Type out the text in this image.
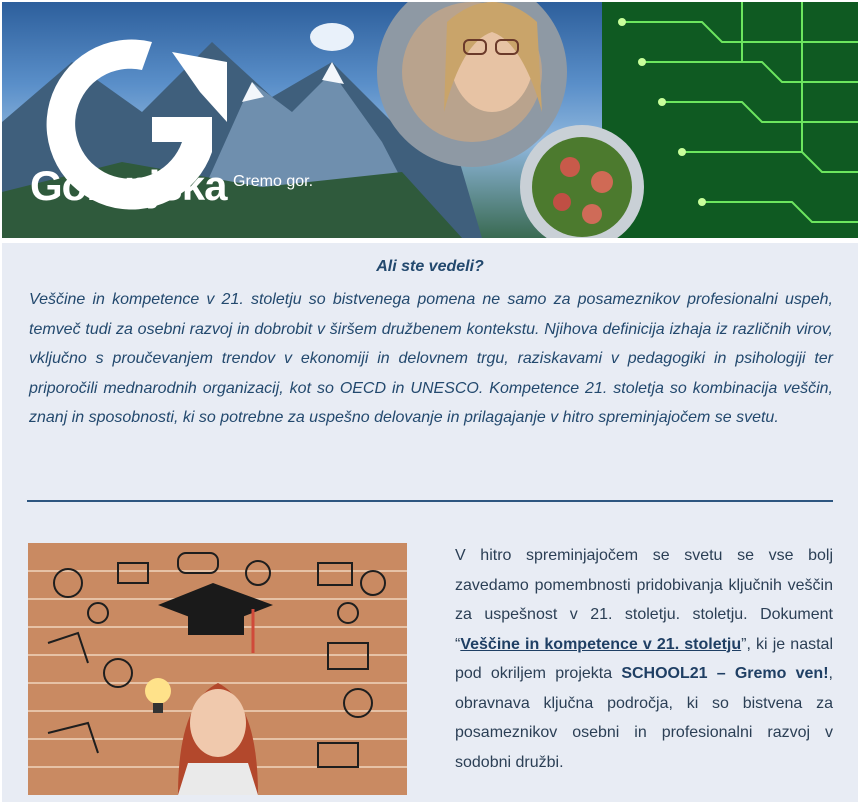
Gorenjska Gremo gor.
Ali ste vedeli?

Veščine in kompetence v 21. stoletju so bistvenega pomena ne samo za posameznikov profesionalni uspeh, temveč tudi za osebni razvoj in dobrobit v širšem družbenem kontekstu. Njihova definicija izhaja iz različnih virov, vključno s proučevanjem trendov v ekonomiji in delovnem trgu, raziskavami v pedagogiki in psihologiji ter priporočili mednarodnih organizacij, kot so OECD in UNESCO. Kompetence 21. stoletja so kombinacija veščin, znanj in sposobnosti, ki so potrebne za uspešno delovanje in prilagajanje v hitro spreminjajočem se svetu.

V hitro spreminjajočem se svetu se vse bolj zavedamo pomembnosti pridobivanja ključnih veščin za uspešnost v 21. stoletju. stoletju. Dokument “Veščine in kompetence v 21. stoletju”, ki je nastal pod okriljem projekta SCHOOL21 – Gremo ven!, obravnava ključna področja, ki so bistvena za posameznikov osebni in profesionalni razvoj v sodobni družbi.
